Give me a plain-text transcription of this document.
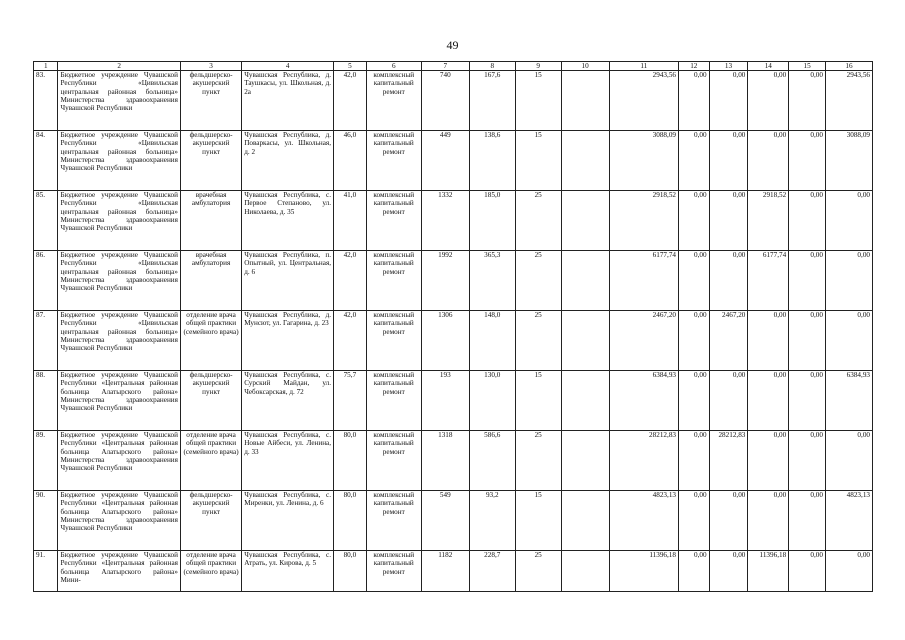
49
1	2	3	4	5	6	7	8	9	10	11	12	13	14	15	16
83.	Бюджетное учреждение Чувашской Республики «Цивильская центральная районная больница» Министерства здравоохранения Чувашской Республики	фельдшерско-акушерский пункт	Чувашская Республика, д. Таушкасы, ул. Школьная, д. 2а	42,0	комплексный капитальный ремонт	740	167,6	15		2943,56	0,00	0,00	0,00	0,00	2943,56
84.	Бюджетное учреждение Чувашской Республики «Цивильская центральная районная больница» Министерства здравоохранения Чувашской Республики	фельдшерско-акушерский пункт	Чувашская Республика, д. Поваркасы, ул. Школьная, д. 2	46,0	комплексный капитальный ремонт	449	138,6	15		3088,09	0,00	0,00	0,00	0,00	3088,09
85.	Бюджетное учреждение Чувашской Республики «Цивильская центральная районная больница» Министерства здравоохранения Чувашской Республики	врачебная амбулатория	Чувашская Республика, с. Первое Степаново, ул. Николаева, д. 35	41,0	комплексный капитальный ремонт	1332	185,0	25		2918,52	0,00	0,00	2918,52	0,00	0,00
86.	Бюджетное учреждение Чувашской Республики «Цивильская центральная районная больница» Министерства здравоохранения Чувашской Республики	врачебная амбулатория	Чувашская Республика, п. Опытный, ул. Центральная, д. 6	42,0	комплексный капитальный ремонт	1992	365,3	25		6177,74	0,00	0,00	6177,74	0,00	0,00
87.	Бюджетное учреждение Чувашской Республики «Цивильская центральная районная больница» Министерства здравоохранения Чувашской Республики	отделение врача общей практики (семейного врача)	Чувашская Республика, д. Мунсют, ул. Гагарина, д. 23	42,0	комплексный капитальный ремонт	1306	148,0	25		2467,20	0,00	2467,20	0,00	0,00	0,00
88.	Бюджетное учреждение Чувашской Республики «Центральная районная больница Алатырского района» Министерства здравоохранения Чувашской Республики	фельдшерско-акушерский пункт	Чувашская Республика, с. Сурский Майдан, ул. Чебоксарская, д. 72	75,7	комплексный капитальный ремонт	193	130,0	15		6384,93	0,00	0,00	0,00	0,00	6384,93
89.	Бюджетное учреждение Чувашской Республики «Центральная районная больница Алатырского района» Министерства здравоохранения Чувашской Республики	отделение врача общей практики (семейного врача)	Чувашская Республика, с. Новые Айбеси, ул. Ленина, д. 33	80,0	комплексный капитальный ремонт	1318	586,6	25		28212,83	0,00	28212,83	0,00	0,00	0,00
90.	Бюджетное учреждение Чувашской Республики «Центральная районная больница Алатырского района» Министерства здравоохранения Чувашской Республики	фельдшерско-акушерский пункт	Чувашская Республика, с. Миренки, ул. Ленина, д. 6	80,0	комплексный капитальный ремонт	549	93,2	15		4823,13	0,00	0,00	0,00	0,00	4823,13
91.	Бюджетное учреждение Чувашской Республики «Центральная районная больница Алатырского района» Мини-	отделение врача общей практики (семейного врача)	Чувашская Республика, с. Атрать, ул. Кирова, д. 5	80,0	комплексный капитальный ремонт	1182	228,7	25		11396,18	0,00	0,00	11396,18	0,00	0,00
